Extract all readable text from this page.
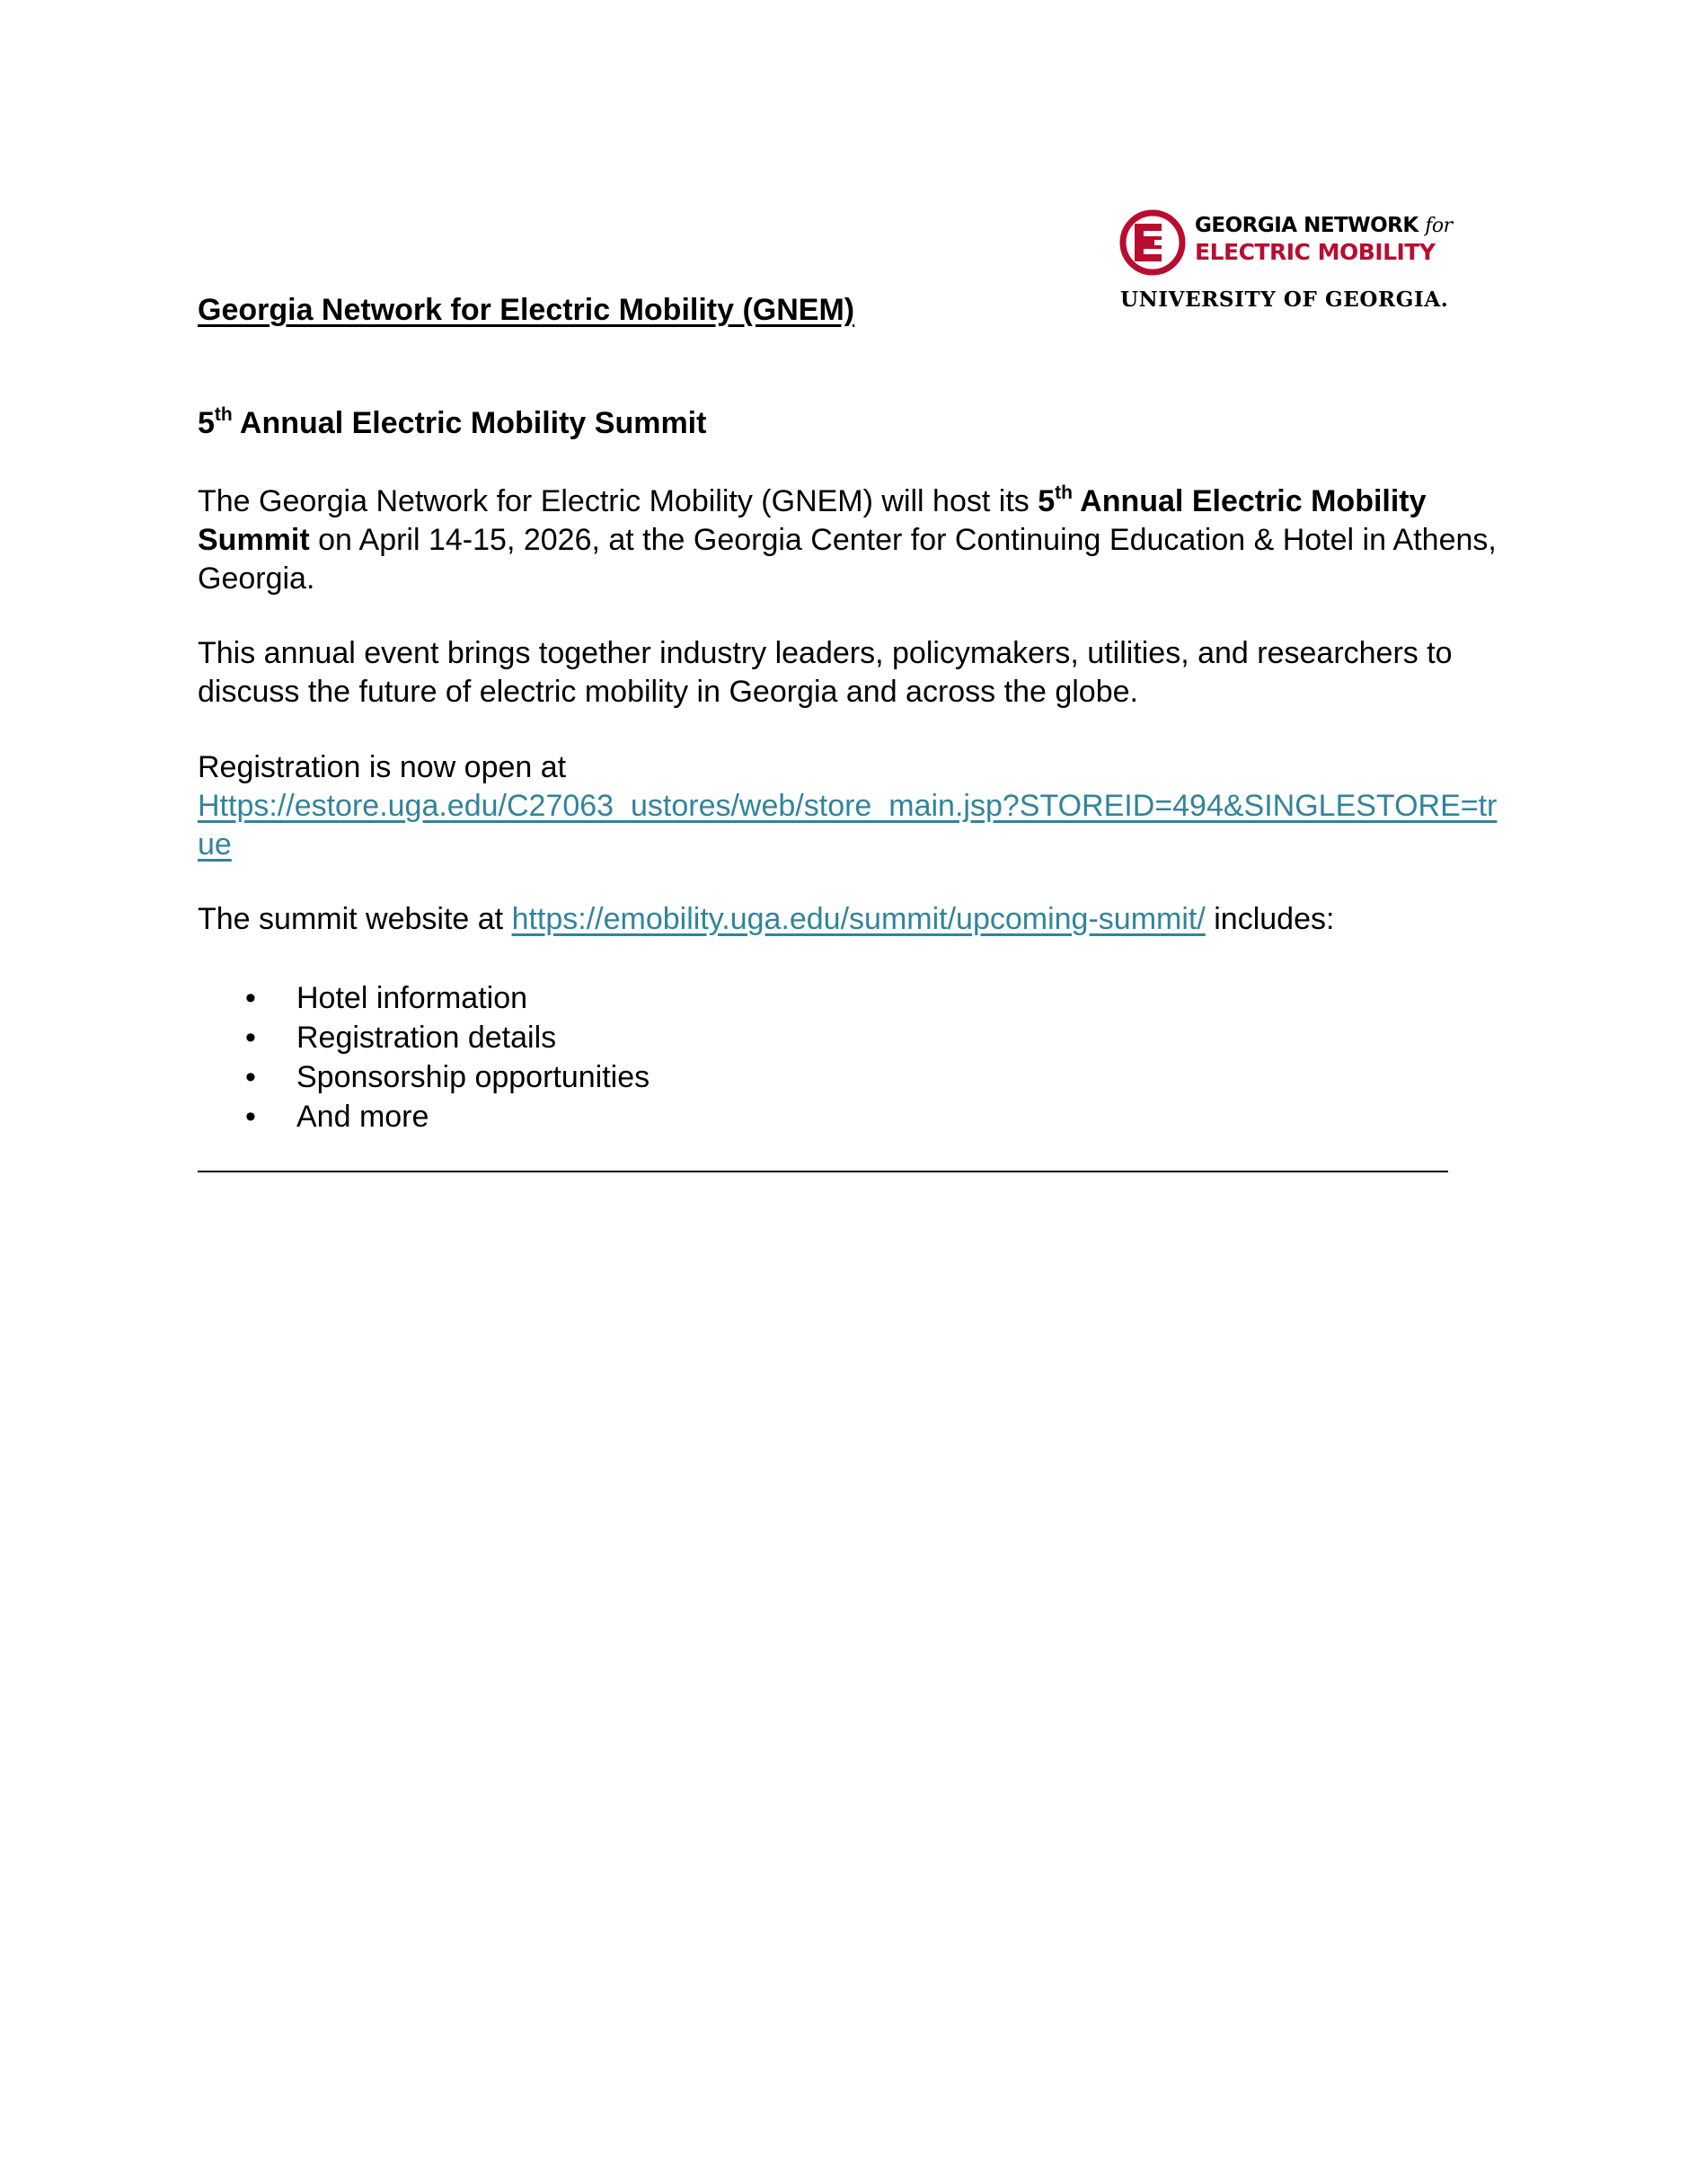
GEORGIA NETWORK for
ELECTRIC MOBILITY
UNIVERSITY OF GEORGIA.
Georgia Network for Electric Mobility (GNEM)
5th Annual Electric Mobility Summit

The Georgia Network for Electric Mobility (GNEM) will host its 5th Annual Electric Mobility Summit on April 14-15, 2026, at the Georgia Center for Continuing Education & Hotel in Athens, Georgia.

This annual event brings together industry leaders, policymakers, utilities, and researchers to discuss the future of electric mobility in Georgia and across the globe.

Registration is now open at
Https://estore.uga.edu/C27063_ustores/web/store_main.jsp?STOREID=494&SINGLESTORE=true

The summit website at https://emobility.uga.edu/summit/upcoming-summit/ includes:

• Hotel information
• Registration details
• Sponsorship opportunities
• And more
